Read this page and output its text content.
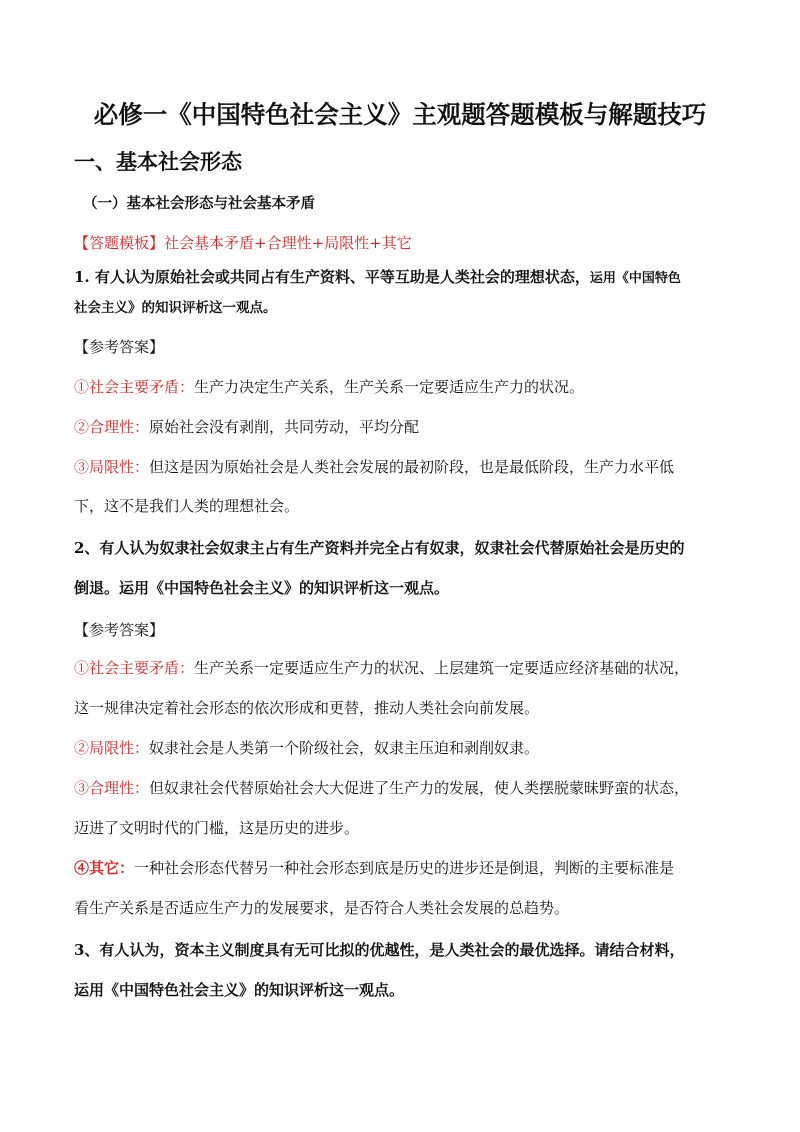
必修一《中国特色社会主义》主观题答题模板与解题技巧
一、基本社会形态
（一）基本社会形态与社会基本矛盾
【答题模板】社会基本矛盾+合理性+局限性+其它
1. 有人认为原始社会或共同占有生产资料、平等互助是人类社会的理想状态，运用《中国特色
社会主义》的知识评析这一观点。
【参考答案】
①社会主要矛盾：生产力决定生产关系，生产关系一定要适应生产力的状况。
②合理性：原始社会没有剥削，共同劳动，平均分配
③局限性：但这是因为原始社会是人类社会发展的最初阶段，也是最低阶段，生产力水平低
下，这不是我们人类的理想社会。
2、有人认为奴隶社会奴隶主占有生产资料并完全占有奴隶，奴隶社会代替原始社会是历史的
倒退。运用《中国特色社会主义》的知识评析这一观点。
【参考答案】
①社会主要矛盾：生产关系一定要适应生产力的状况、上层建筑一定要适应经济基础的状况，
这一规律决定着社会形态的依次形成和更替，推动人类社会向前发展。
②局限性：奴隶社会是人类第一个阶级社会，奴隶主压迫和剥削奴隶。
③合理性：但奴隶社会代替原始社会大大促进了生产力的发展，使人类摆脱蒙昧野蛮的状态，
迈进了文明时代的门槛，这是历史的进步。
④其它：一种社会形态代替另一种社会形态到底是历史的进步还是倒退，判断的主要标准是
看生产关系是否适应生产力的发展要求，是否符合人类社会发展的总趋势。
3、有人认为，资本主义制度具有无可比拟的优越性，是人类社会的最优选择。请结合材料，
运用《中国特色社会主义》的知识评析这一观点。
